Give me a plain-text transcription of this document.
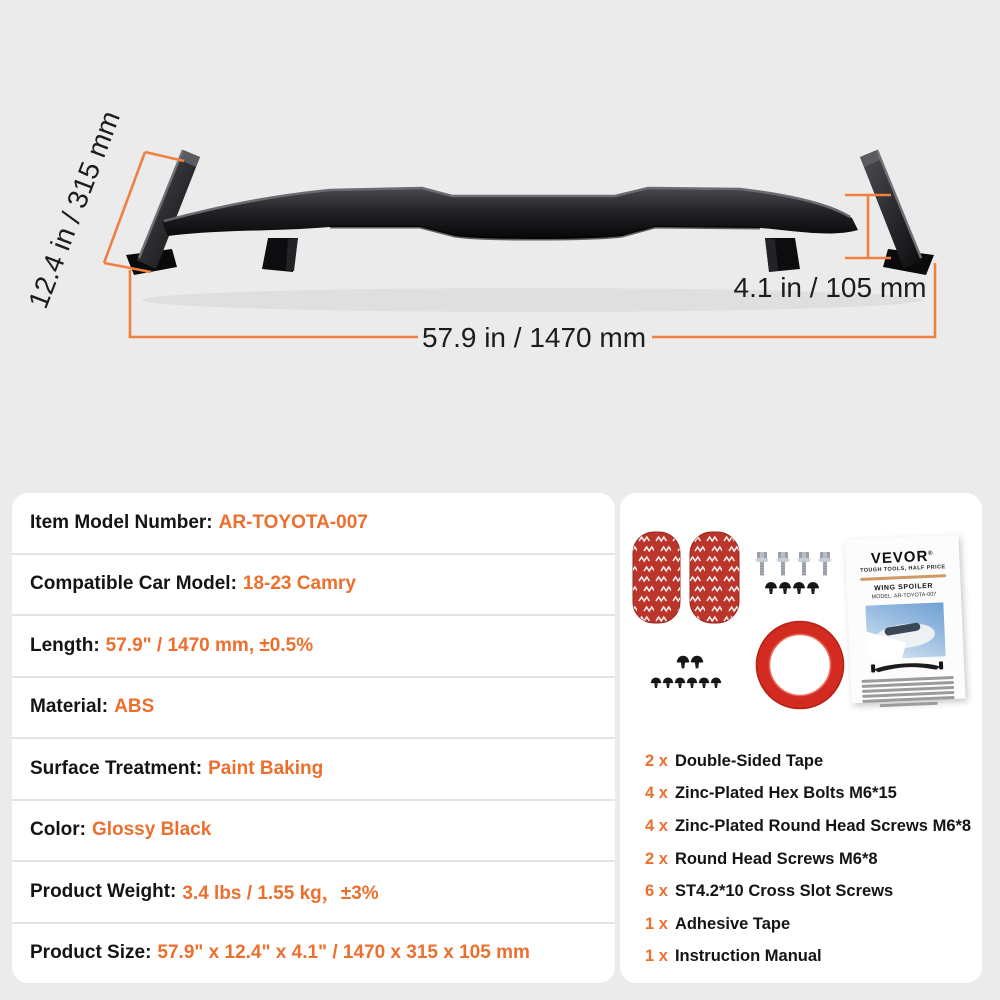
12.4 in / 315 mm
57.9 in / 1470 mm
4.1 in / 105 mm
Item Model Number: AR-TOYOTA-007
Compatible Car Model: 18-23 Camry
Length: 57.9" / 1470 mm, ±0.5%
Material: ABS
Surface Treatment: Paint Baking
Color: Glossy Black
Product Weight: 3.4 lbs / 1.55 kg，±3%
Product Size: 57.9" x 12.4" x 4.1" / 1470 x 315 x 105 mm
VEVOR®
TOUGH TOOLS, HALF PRICE
WING SPOILER
MODEL: AR-TOYOTA-007
2 x Double-Sided Tape
4 x Zinc-Plated Hex Bolts M6*15
4 x Zinc-Plated Round Head Screws M6*8
2 x Round Head Screws M6*8
6 x ST4.2*10 Cross Slot Screws
1 x Adhesive Tape
1 x Instruction Manual
